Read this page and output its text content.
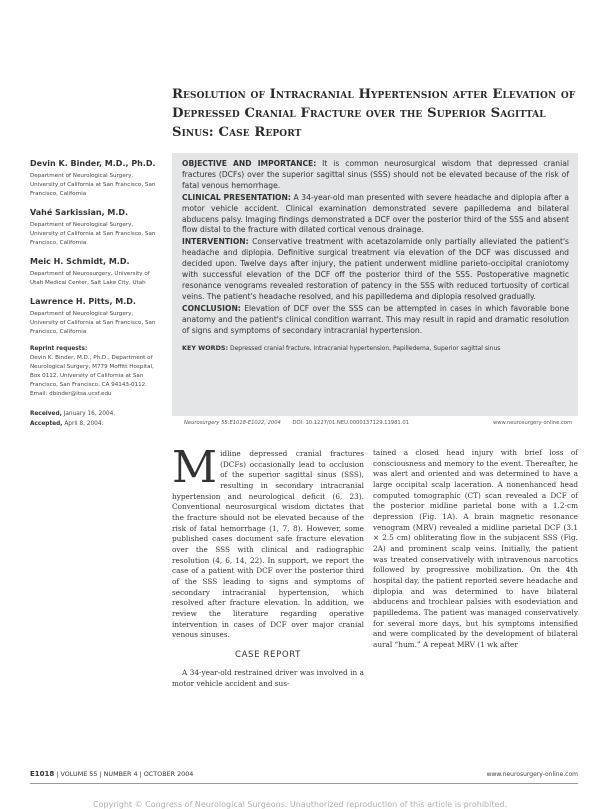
Resolution of Intracranial Hypertension after Elevation of Depressed Cranial Fracture over the Superior Sagittal Sinus: Case Report
Devin K. Binder, M.D., Ph.D.
Department of Neurological Surgery, University of California at San Francisco, San Francisco, California
Vahé Sarkissian, M.D.
Department of Neurological Surgery, University of California at San Francisco, San Francisco, California
Meic H. Schmidt, M.D.
Department of Neurosurgery, University of Utah Medical Center, Salt Lake City, Utah
Lawrence H. Pitts, M.D.
Department of Neurological Surgery, University of California at San Francisco, San Francisco, California
Reprint requests:
Devin K. Binder, M.D., Ph.D., Department of Neurological Surgery, M779 Moffitt Hospital, Box 0112, University of California at San Francisco, San Francisco, CA 94143-0112. Email: dbinder@itsa.ucsf.edu
Received, January 16, 2004.
Accepted, April 8, 2004.

OBJECTIVE AND IMPORTANCE: It is common neurosurgical wisdom that depressed cranial fractures (DCFs) over the superior sagittal sinus (SSS) should not be elevated because of the risk of fatal venous hemorrhage.

CLINICAL PRESENTATION: A 34-year-old man presented with severe headache and diplopia after a motor vehicle accident. Clinical examination demonstrated severe papilledema and bilateral abducens palsy. Imaging findings demonstrated a DCF over the posterior third of the SSS and absent flow distal to the fracture with dilated cortical venous drainage.

INTERVENTION: Conservative treatment with acetazolamide only partially alleviated the patient's headache and diplopia. Definitive surgical treatment via elevation of the DCF was discussed and decided upon. Twelve days after injury, the patient underwent midline parieto-occipital craniotomy with successful elevation of the DCF off the posterior third of the SSS. Postoperative magnetic resonance venograms revealed restoration of patency in the SSS with reduced tortuosity of cortical veins. The patient's headache resolved, and his papilledema and diplopia resolved gradually.

CONCLUSION: Elevation of DCF over the SSS can be attempted in cases in which favorable bone anatomy and the patient's clinical condition warrant. This may result in rapid and dramatic resolution of signs and symptoms of secondary intracranial hypertension.

KEY WORDS: Depressed cranial fracture, Intracranial hypertension, Papilledema, Superior sagittal sinus

Neurosurgery 55:E1018-E1022, 2004 DOI: 10.1227/01.NEU.0000137129.11981.01	www.neurosurgery-online.com

Midline depressed cranial fractures (DCFs) occasionally lead to occlusion of the superior sagittal sinus (SSS), resulting in secondary intracranial hypertension and neurological deficit (6, 23). Conventional neurosurgical wisdom dictates that the fracture should not be elevated because of the risk of fatal hemorrhage (1, 7, 8). However, some published cases document safe fracture elevation over the SSS with clinical and radiographic resolution (4, 6, 14, 22). In support, we report the case of a patient with DCF over the posterior third of the SSS leading to signs and symptoms of secondary intracranial hypertension, which resolved after fracture elevation. In addition, we review the literature regarding operative intervention in cases of DCF over major cranial venous sinuses.

CASE REPORT

A 34-year-old restrained driver was involved in a motor vehicle accident and sus-

tained a closed head injury with brief loss of consciousness and memory to the event. Thereafter, he was alert and oriented and was determined to have a large occipital scalp laceration. A nonenhanced head computed tomographic (CT) scan revealed a DCF of the posterior midline parietal bone with a 1.2-cm depression (Fig. 1A). A brain magnetic resonance venogram (MRV) revealed a midline parietal DCF (3.1 × 2.5 cm) obliterating flow in the subjacent SSS (Fig. 2A) and prominent scalp veins. Initially, the patient was treated conservatively with intravenous narcotics followed by progressive mobilization. On the 4th hospital day, the patient reported severe headache and diplopia and was determined to have bilateral abducens and trochlear palsies with esodeviation and papilledema. The patient was managed conservatively for several more days, but his symptoms intensified and were complicated by the development of bilateral aural “hum.” A repeat MRV (1 wk after

E1018 | VOLUME 55 | NUMBER 4 | OCTOBER 2004	www.neurosurgery-online.com
Copyright © Congress of Neurological Surgeons. Unauthorized reproduction of this article is prohibited.
